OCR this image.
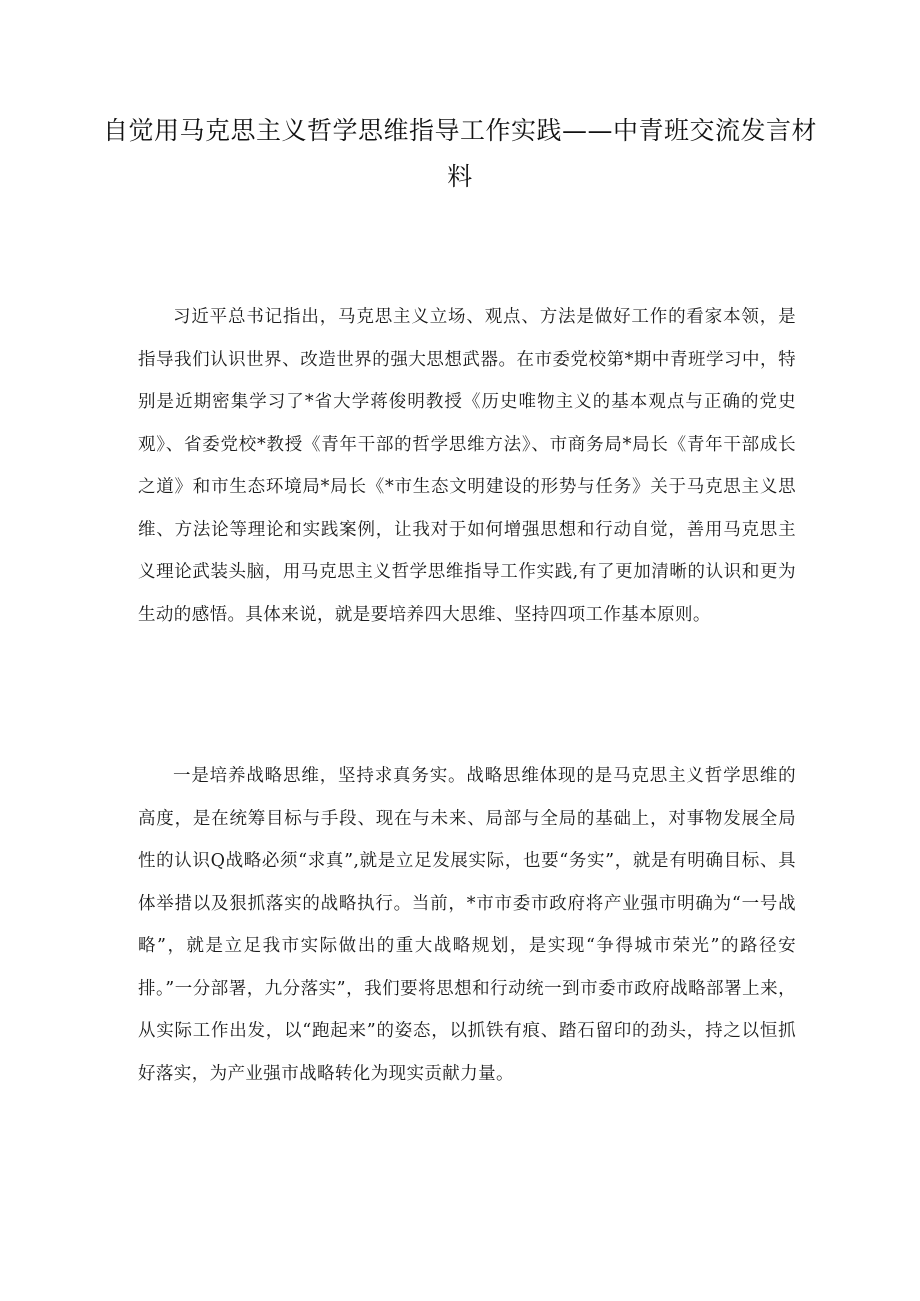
自觉用马克思主义哲学思维指导工作实践——中青班交流发言材料

习近平总书记指出，马克思主义立场、观点、方法是做好工作的看家本领，是指导我们认识世界、改造世界的强大思想武器。在市委党校第*期中青班学习中，特别是近期密集学习了*省大学蒋俊明教授《历史唯物主义的基本观点与正确的党史观》、省委党校*教授《青年干部的哲学思维方法》、市商务局*局长《青年干部成长之道》和市生态环境局*局长《*市生态文明建设的形势与任务》关于马克思主义思维、方法论等理论和实践案例，让我对于如何增强思想和行动自觉，善用马克思主义理论武装头脑，用马克思主义哲学思维指导工作实践,有了更加清晰的认识和更为生动的感悟。具体来说，就是要培养四大思维、坚持四项工作基本原则。

一是培养战略思维，坚持求真务实。战略思维体现的是马克思主义哲学思维的高度，是在统筹目标与手段、现在与未来、局部与全局的基础上，对事物发展全局性的认识Q战略必须“求真”,就是立足发展实际，也要“务实”，就是有明确目标、具体举措以及狠抓落实的战略执行。当前，*市市委市政府将产业强市明确为“一号战略”，就是立足我市实际做出的重大战略规划，是实现“争得城市荣光”的路径安排。”一分部署，九分落实”，我们要将思想和行动统一到市委市政府战略部署上来，从实际工作出发，以“跑起来”的姿态，以抓铁有痕、踏石留印的劲头，持之以恒抓好落实，为产业强市战略转化为现实贡献力量。
